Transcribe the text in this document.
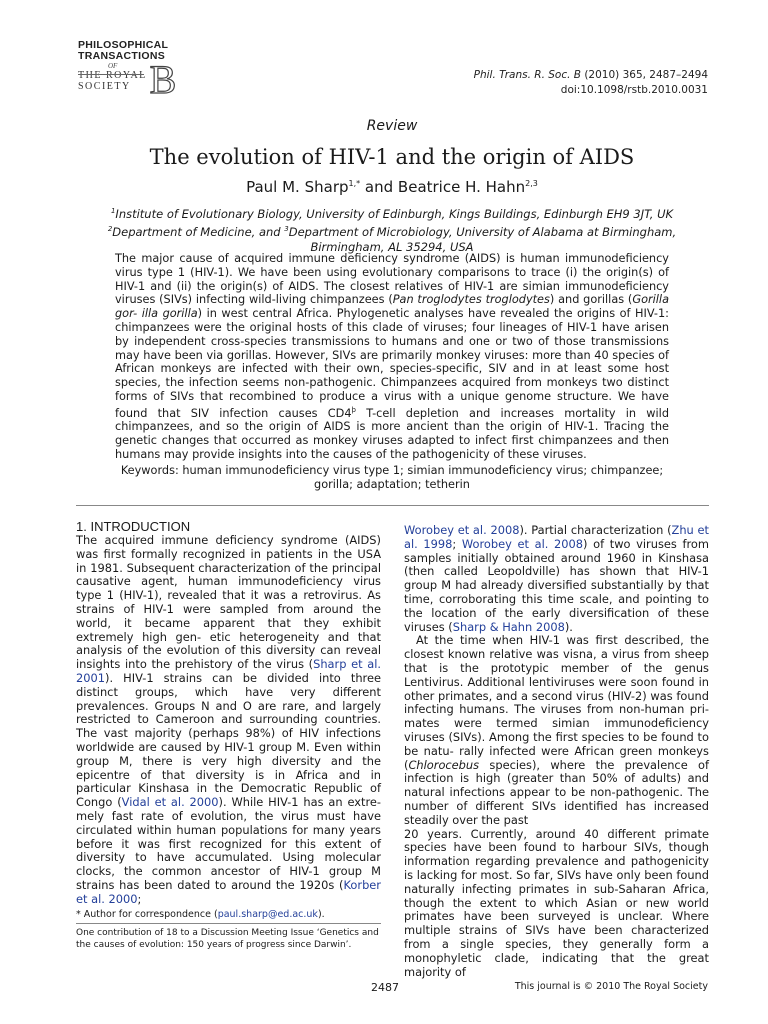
PHILOSOPHICAL
TRANSACTIONS
OF
THE ROYAL
SOCIETY B	Phil. Trans. R. Soc. B (2010) 365, 2487–2494
doi:10.1098/rstb.2010.0031
Review
The evolution of HIV-1 and the origin of AIDS
Paul M. Sharp$^{1,*}$ and Beatrice H. Hahn$^{2,3}$
$^1$Institute of Evolutionary Biology, University of Edinburgh, Kings Buildings, Edinburgh EH9 3JT, UK
$^2$Department of Medicine, and $^3$Department of Microbiology, University of Alabama at Birmingham,
Birmingham, AL 35294, USA
The major cause of acquired immune deficiency syndrome (AIDS) is human immunodeficiency virus type 1 (HIV-1). We have been using evolutionary comparisons to trace (i) the origin(s) of HIV-1 and (ii) the origin(s) of AIDS. The closest relatives of HIV-1 are simian immunodeficiency viruses (SIVs) infecting wild-living chimpanzees (Pan troglodytes troglodytes) and gorillas (Gorilla gor- illa gorilla) in west central Africa. Phylogenetic analyses have revealed the origins of HIV-1: chimpanzees were the original hosts of this clade of viruses; four lineages of HIV-1 have arisen by independent cross-species transmissions to humans and one or two of those transmissions may have been via gorillas. However, SIVs are primarily monkey viruses: more than 40 species of African monkeys are infected with their own, species-specific, SIV and in at least some host species, the infection seems non-pathogenic. Chimpanzees acquired from monkeys two distinct forms of SIVs that recombined to produce a virus with a unique genome structure. We have found that SIV infection causes $CD4^þ$ T-cell depletion and increases mortality in wild chimpanzees, and so the origin of AIDS is more ancient than the origin of HIV-1. Tracing the genetic changes that occurred as monkey viruses adapted to infect first chimpanzees and then humans may provide insights into the causes of the pathogenicity of these viruses.
Keywords: human immunodeficiency virus type 1; simian immunodeficiency virus; chimpanzee; gorilla; adaptation; tetherin
1. INTRODUCTION

The acquired immune deficiency syndrome (AIDS) was first formally recognized in patients in the USA in 1981. Subsequent characterization of the principal causative agent, human immunodeficiency virus type 1 (HIV-1), revealed that it was a retrovirus. As strains of HIV-1 were sampled from around the world, it became apparent that they exhibit extremely high gen- etic heterogeneity and that analysis of the evolution of this diversity can reveal insights into the prehistory of the virus (Sharp et al. 2001). HIV-1 strains can be divided into three distinct groups, which have very different prevalences. Groups N and O are rare, and largely restricted to Cameroon and surrounding countries. The vast majority (perhaps 98%) of HIV infections worldwide are caused by HIV-1 group M. Even within group M, there is very high diversity and the epicentre of that diversity is in Africa and in particular Kinshasa in the Democratic Republic of Congo (Vidal et al. 2000). While HIV-1 has an extre- mely fast rate of evolution, the virus must have circulated within human populations for many years before it was first recognized for this extent of diversity to have accumulated. Using molecular clocks, the common ancestor of HIV-1 group M strains has been dated to around the 1920s (Korber et al. 2000;

Worobey et al. 2008). Partial characterization (Zhu et al. 1998; Worobey et al. 2008) of two viruses from samples initially obtained around 1960 in Kinshasa (then called Leopoldville) has shown that HIV-1 group M had already diversified substantially by that time, corroborating this time scale, and pointing to the location of the early diversification of these viruses (Sharp & Hahn 2008).

At the time when HIV-1 was first described, the closest known relative was visna, a virus from sheep that is the prototypic member of the genus Lentivirus. Additional lentiviruses were soon found in other primates, and a second virus (HIV-2) was found infecting humans. The viruses from non-human pri- mates were termed simian immunodeficiency viruses (SIVs). Among the first species to be found to be natu- rally infected were African green monkeys (Chlorocebus species), where the prevalence of infection is high (greater than 50% of adults) and natural infections appear to be non-pathogenic. The number of different SIVs identified has increased steadily over the past

20 years. Currently, around 40 different primate species have been found to harbour SIVs, though information regarding prevalence and pathogenicity is lacking for most. So far, SIVs have only been found naturally infecting primates in sub-Saharan Africa, though the extent to which Asian or new world primates have been surveyed is unclear. Where multiple strains of SIVs have been characterized from a single species, they generally form a monophyletic clade, indicating that the great majority of

* Author for correspondence (paul.sharp@ed.ac.uk).
One contribution of 18 to a Discussion Meeting Issue ‘Genetics and the causes of evolution: 150 years of progress since Darwin’.
2487	This journal is © 2010 The Royal Society
